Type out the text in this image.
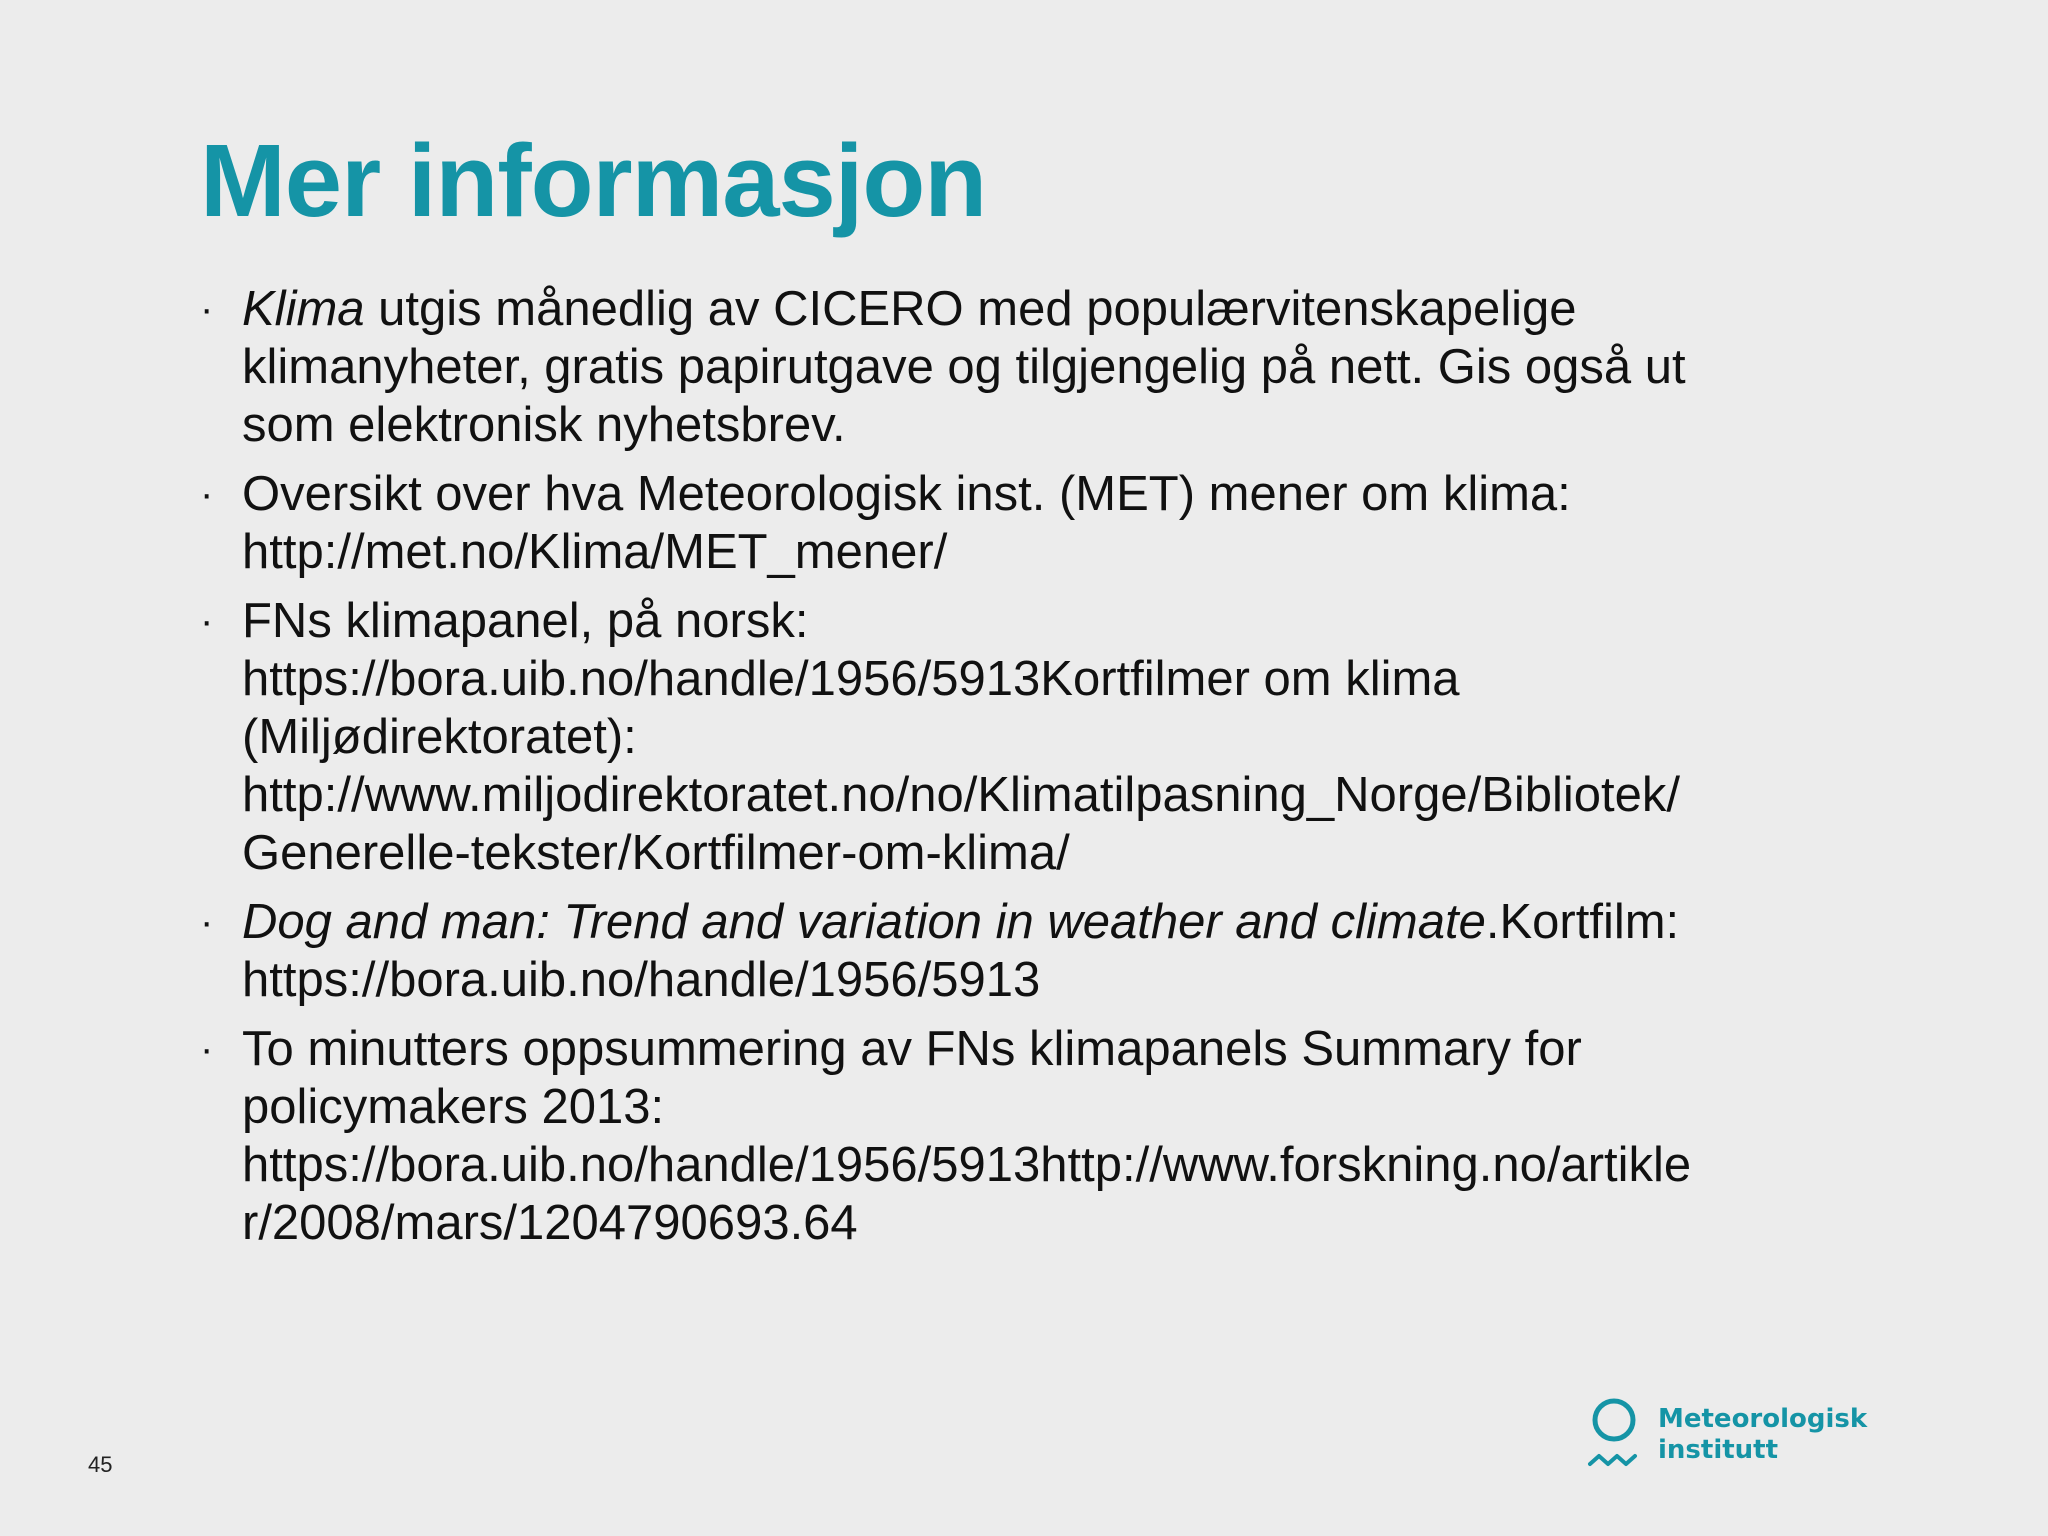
Mer informasjon
· Klima utgis månedlig av CICERO med populærvitenskapelige
klimanyheter, gratis papirutgave og tilgjengelig på nett. Gis også ut
som elektronisk nyhetsbrev.
· Oversikt over hva Meteorologisk inst. (MET) mener om klima:
http://met.no/Klima/MET_mener/
· FNs klimapanel, på norsk:
https://bora.uib.no/handle/1956/5913Kortfilmer om klima
(Miljødirektoratet):
http://www.miljodirektoratet.no/no/Klimatilpasning_Norge/Bibliotek/
Generelle-tekster/Kortfilmer-om-klima/
· Dog and man: Trend and variation in weather and climate.Kortfilm:
https://bora.uib.no/handle/1956/5913
· To minutters oppsummering av FNs klimapanels Summary for
policymakers 2013:
https://bora.uib.no/handle/1956/5913http://www.forskning.no/artikle
r/2008/mars/1204790693.64
45
Meteorologisk
institutt
